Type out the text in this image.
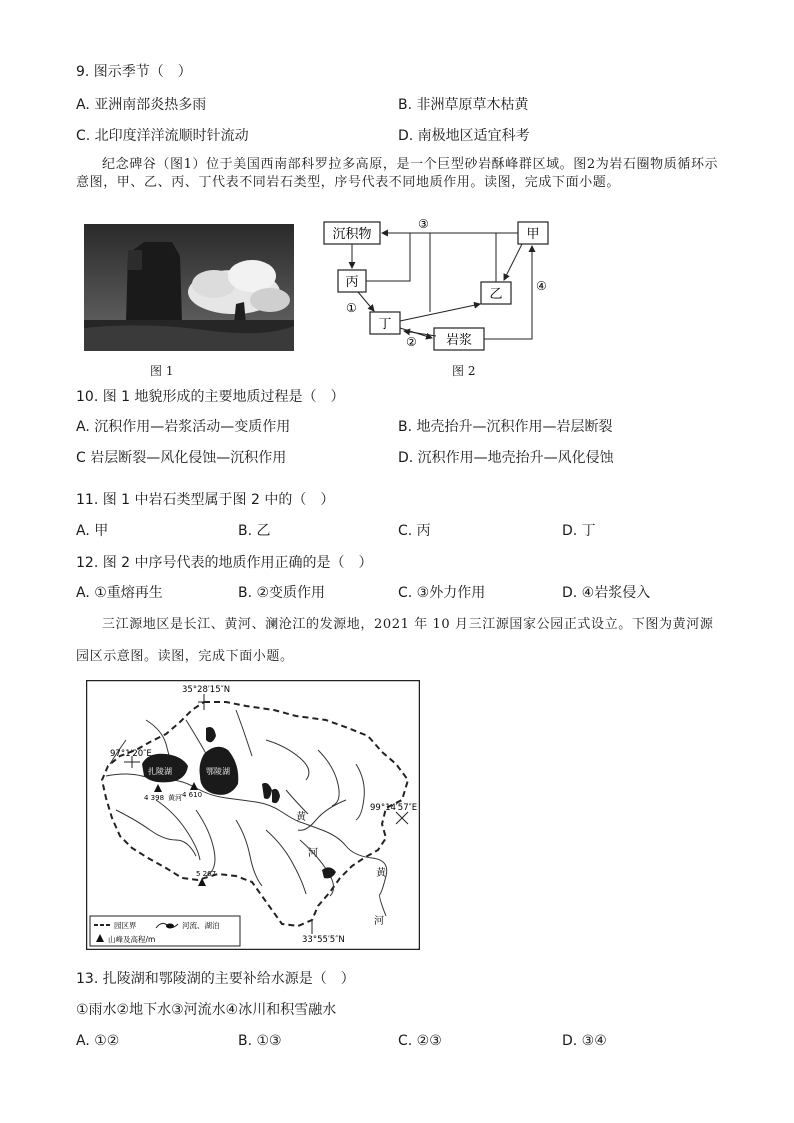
9. 图示季节（　）
A. 亚洲南部炎热多雨	B. 非洲草原草木枯黄
C. 北印度洋洋流顺时针流动	D. 南极地区适宜科考
纪念碑谷（图1）位于美国西南部科罗拉多高原，是一个巨型砂岩酥峰群区域。图2为岩石圈物质循环示意图，甲、乙、丙、丁代表不同岩石类型，序号代表不同地质作用。读图，完成下面小题。
图 1
沉积物	甲
丙
乙
丁
岩浆
③
①
②
④
图 2
10. 图 1 地貌形成的主要地质过程是（　）
A. 沉积作用—岩浆活动—变质作用	B. 地壳抬升—沉积作用—岩层断裂
C 岩层断裂—风化侵蚀—沉积作用	D. 沉积作用—地壳抬升—风化侵蚀
11. 图 1 中岩石类型属于图 2 中的（　）
A. 甲	B. 乙	C. 丙	D. 丁
12. 图 2 中序号代表的地质作用正确的是（　）
A. ①重熔再生	B. ②变质作用	C. ③外力作用	D. ④岩浆侵入
三江源地区是长江、黄河、澜沧江的发源地，2021 年 10 月三江源国家公园正式设立。下图为黄河源
园区示意图。读图，完成下面小题。
扎陵湖	鄂陵湖
4 610
4 398
5 267
黄河
黄
河
黄
河
35°28′15″N
97°1′20″E
99°14′57″E
33°55′5″N
园区界	河流、湖泊
山峰及高程/m
13. 扎陵湖和鄂陵湖的主要补给水源是（　）
①雨水②地下水③河流水④冰川和积雪融水
A. ①②	B. ①③	C. ②③	D. ③④
